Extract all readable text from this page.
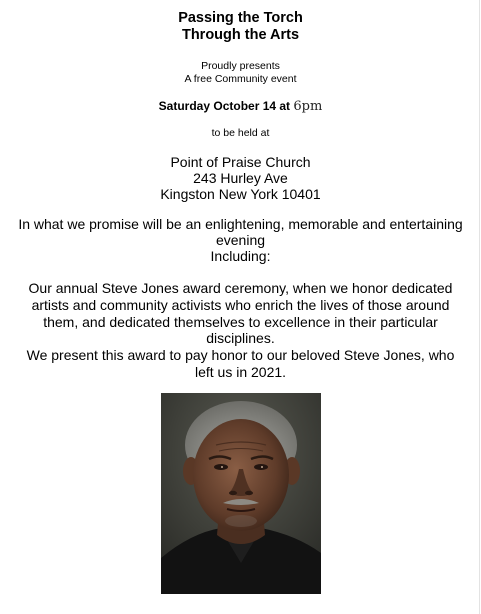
Passing the Torch
Through the Arts
Proudly presents
A free Community event
Saturday October 14 at 6pm
to be held at
Point of Praise Church
243 Hurley Ave
Kingston New York 10401
In what we promise will be an enlightening, memorable and entertaining
evening
Including:
Our annual Steve Jones award ceremony, when we honor dedicated
artists and community activists who enrich the lives of those around
them, and dedicated themselves to excellence in their particular
disciplines.
We present this award to pay honor to our beloved Steve Jones, who
left us in 2021.
